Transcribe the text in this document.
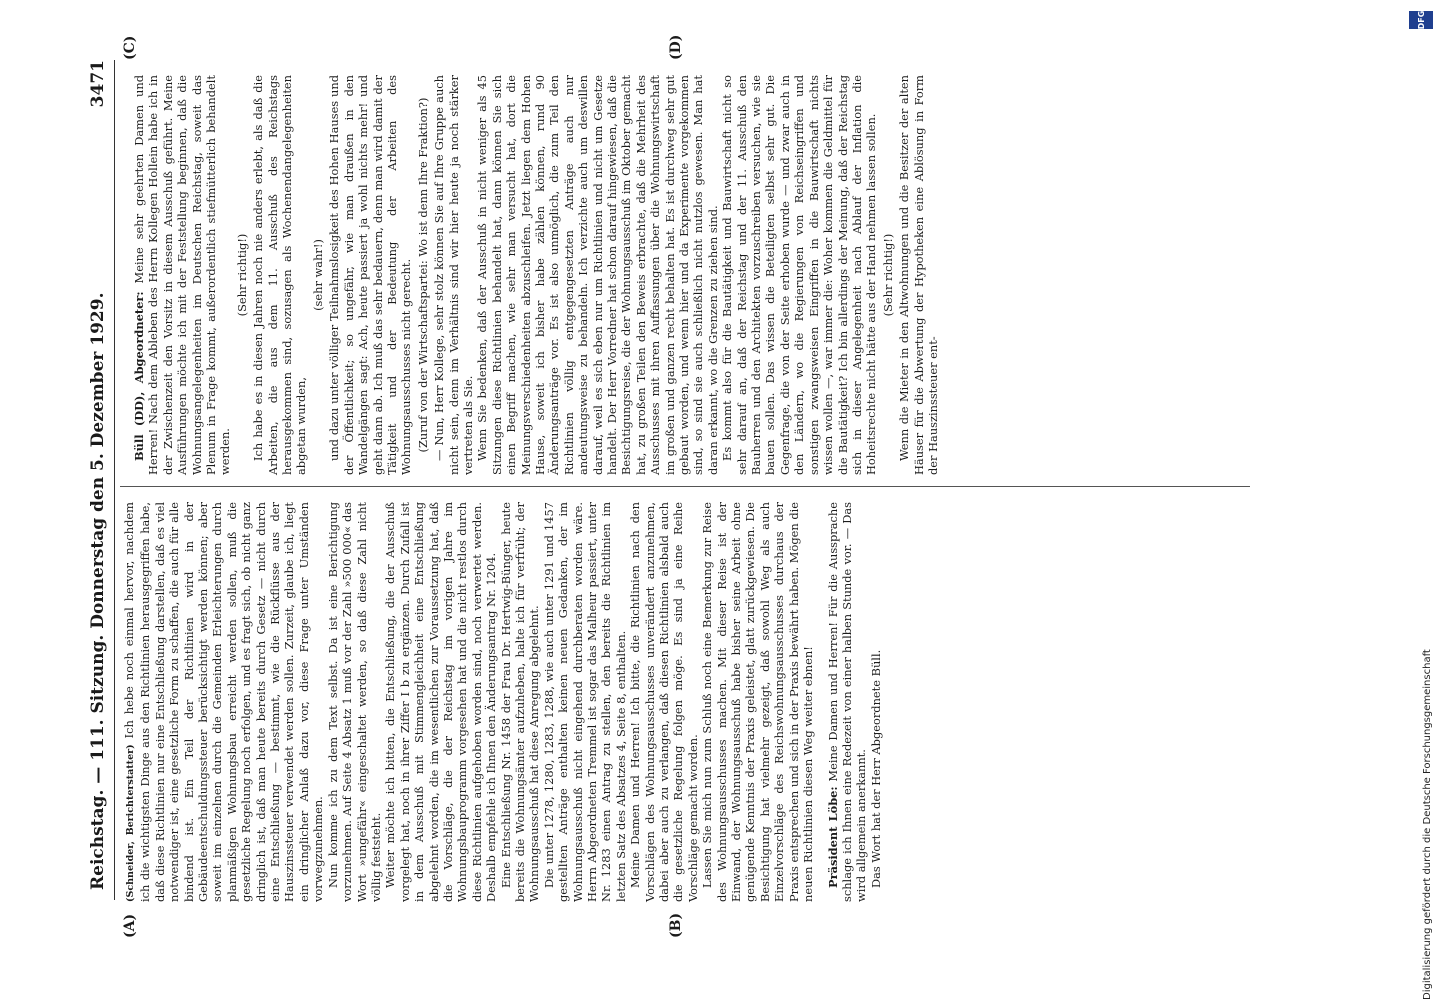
Reichstag. — 111. Sitzung. Donnerstag den 5. Dezember 1929.
3471
(A)	(B)
(C)	(D)

(Schneider, Berichterstatter) Ich hebe noch einmal hervor, nachdem ich die wichtigsten Dinge aus den Richtlinien herausgegriffen habe, daß diese Richtlinien nur eine Entschließung darstellen, daß es viel notwendiger ist, eine gesetzliche Form zu schaffen, die auch für alle bindend ist. Ein Teil der Richtlinien wird in der Gebäudeentschuldungssteuer berücksichtigt werden können; aber soweit im einzelnen durch die Gemeinden Erleichterungen durch planmäßigen Wohnungsbau erreicht werden sollen, muß die gesetzliche Regelung noch erfolgen, und es fragt sich, ob nicht ganz dringlich ist, daß man heute bereits durch Gesetz — nicht durch eine Entschließung — bestimmt, wie die Rückflüsse aus der Hauszinssteuer verwendet werden sollen. Zurzeit, glaube ich, liegt ein dringlicher Anlaß dazu vor, diese Frage unter Umständen vorwegzunehmen. Nun komme ich zu dem Text selbst. Da ist eine Berichtigung vorzunehmen. Auf Seite 4 Absatz 1 muß vor der Zahl »500 000« das Wort »ungefähr« eingeschaltet werden, so daß diese Zahl nicht völlig feststeht. Weiter möchte ich bitten, die Entschließung, die der Ausschuß vorgelegt hat, noch in ihrer Ziffer I b zu ergänzen. Durch Zufall ist in dem Ausschuß mit Stimmengleichheit eine Entschließung abgelehnt worden, die im wesentlichen zur Voraussetzung hat, daß die Vorschläge, die der Reichstag im vorigen Jahre im Wohnungsbauprogramm vorgesehen hat und die nicht restlos durch diese Richtlinien aufgehoben worden sind, noch verwertet werden. Deshalb empfehle ich Ihnen den Änderungsantrag Nr. 1204. Eine Entschließung Nr. 1458 der Frau Dr. Hertwig-Bünger, heute bereits die Wohnungsämter aufzuheben, halte ich für verfrüht; der Wohnungsausschuß hat diese Anregung abgelehnt. Die unter 1278, 1280, 1283, 1288, wie auch unter 1291 und 1457 gestellten Anträge enthalten keinen neuen Gedanken, der im Wohnungsausschuß nicht eingehend durchberaten worden wäre. Herrn Abgeordneten Tremmel ist sogar das Malheur passiert, unter Nr. 1283 einen Antrag zu stellen, den bereits die Richtlinien im letzten Satz des Absatzes 4, Seite 8, enthalten. Meine Damen und Herren! Ich bitte, die Richtlinien nach den Vorschlägen des Wohnungsausschusses unverändert anzunehmen, dabei aber auch zu verlangen, daß diesen Richtlinien alsbald auch die gesetzliche Regelung folgen möge. Es sind ja eine Reihe Vorschläge gemacht worden. Lassen Sie mich nun zum Schluß noch eine Bemerkung zur Reise des Wohnungsausschusses machen. Mit dieser Reise ist der Einwand, der Wohnungsausschuß habe bisher seine Arbeit ohne genügende Kenntnis der Praxis geleistet, glatt zurückgewiesen. Die Besichtigung hat vielmehr gezeigt, daß sowohl Weg als auch Einzelvorschläge des Reichswohnungsausschusses durchaus der Praxis entsprechen und sich in der Praxis bewährt haben. Mögen die neuen Richtlinien diesen Weg weiter ebnen! Präsident Löbe: Meine Damen und Herren! Für die Aussprache schlage ich Ihnen eine Redezeit von einer halben Stunde vor. — Das wird allgemein anerkannt. Das Wort hat der Herr Abgeordnete Büll.

Büll (DD), Abgeordneter: Meine sehr geehrten Damen und Herren! Nach dem Ableben des Herrn Kollegen Hollein habe ich in der Zwischenzeit den Vorsitz in diesem Ausschuß geführt. Meine Ausführungen möchte ich mit der Feststellung beginnen, daß die Wohnungsangelegenheiten im Deutschen Reichstag, soweit das Plenum in Frage kommt, außerordentlich stiefmütterlich behandelt werden.

(Sehr richtig!) Ich habe es in diesen Jahren noch nie anders erlebt, als daß die Arbeiten, die aus dem 11. Ausschuß des Reichstags herausgekommen sind, sozusagen als Wochenendangelegenheiten abgetan wurden,

(sehr wahr!) und dazu unter völliger Teilnahmslosigkeit des Hohen Hauses und der Öffentlichkeit; so ungefähr, wie man draußen in den Wandelgängen sagt: Ach, heute passiert ja wohl nichts mehr! und geht dann ab. Ich muß das sehr bedauern, denn man wird damit der Tätigkeit und der Bedeutung der Arbeiten des Wohnungsausschusses nicht gerecht. (Zuruf von der Wirtschaftspartei: Wo ist denn Ihre Fraktion?) — Nun, Herr Kollege, sehr stolz können Sie auf Ihre Gruppe auch nicht sein, denn im Verhältnis sind wir hier heute ja noch stärker vertreten als Sie. Wenn Sie bedenken, daß der Ausschuß in nicht weniger als 45 Sitzungen diese Richtlinien behandelt hat, dann können Sie sich einen Begriff machen, wie sehr man versucht hat, dort die Meinungsverschiedenheiten abzuschleifen. Jetzt liegen dem Hohen Hause, soweit ich bisher habe zählen können, rund 90 Änderungsanträge vor. Es ist also unmöglich, die zum Teil den Richtlinien völlig entgegengesetzten Anträge auch nur andeutungsweise zu behandeln. Ich verzichte auch um deswillen darauf, weil es sich eben nur um Richtlinien und nicht um Gesetze handelt. Der Herr Vorredner hat schon darauf hingewiesen, daß die Besichtigungsreise, die der Wohnungsausschuß im Oktober gemacht hat, zu großen Teilen den Beweis erbrachte, daß die Mehrheit des Ausschusses mit ihren Auffassungen über die Wohnungswirtschaft im großen und ganzen recht behalten hat. Es ist durchweg sehr gut gebaut worden, und wenn hier und da Experimente vorgekommen sind, so sind sie auch schließlich nicht nutzlos gewesen. Man hat daran erkannt, wo die Grenzen zu ziehen sind. Es kommt also für die Bautätigkeit und Bauwirtschaft nicht so sehr darauf an, daß der Reichstag und der 11. Ausschuß den Bauherren und den Architekten vorzuschreiben versuchen, wie sie bauen sollen. Das wissen die Beteiligten selbst sehr gut. Die Gegenfrage, die von der Seite erhoben wurde — und zwar auch in den Ländern, wo die Regierungen von Reichseingriffen und sonstigen zwangsweisen Eingriffen in die Bauwirtschaft nichts wissen wollen —, war immer die: Woher kommen die Geldmittel für die Bautätigkeit? Ich bin allerdings der Meinung, daß der Reichstag sich in dieser Angelegenheit nach Ablauf der Inflation die Hoheitsrechte nicht hätte aus der Hand nehmen lassen sollen. (Sehr richtig!) Wenn die Mieter in den Altwohnungen und die Besitzer der alten Häuser für die Abwertung der Hypotheken eine Ablösung in Form der Hauszinssteuer ent-

DFG
Digitalisierung gefördert durch die Deutsche Forschungsgemeinschaft
